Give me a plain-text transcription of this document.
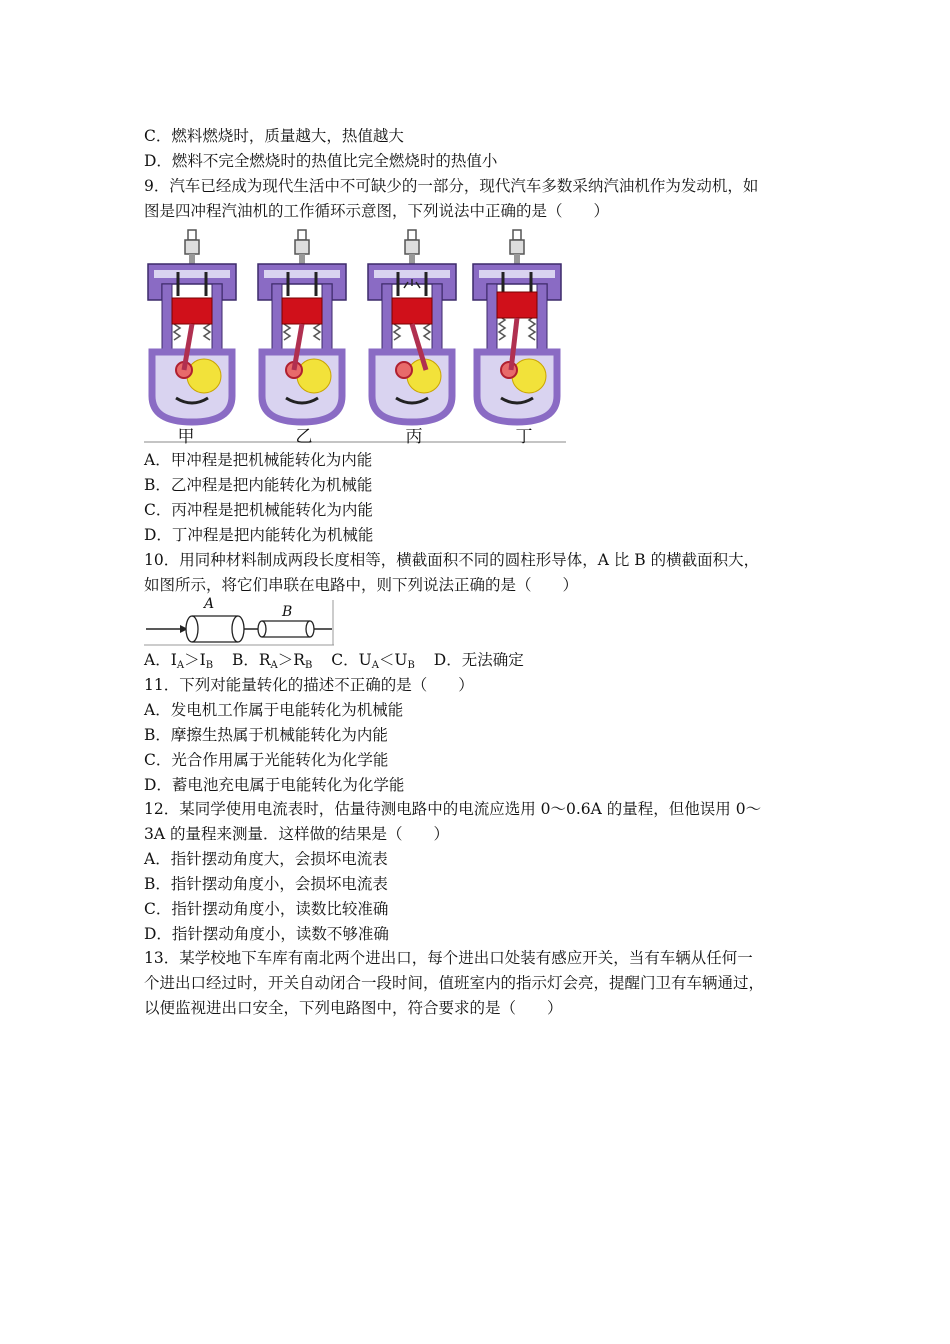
C．燃料燃烧时，质量越大，热值越大
D．燃料不完全燃烧时的热值比完全燃烧时的热值小
9．汽车已经成为现代生活中不可缺少的一部分，现代汽车多数采纳汽油机作为发动机，如
图是四冲程汽油机的工作循环示意图，下列说法中正确的是（　　）
甲	乙	丙	丁
A．甲冲程是把机械能转化为内能
B．乙冲程是把内能转化为机械能
C．丙冲程是把机械能转化为内能
D．丁冲程是把内能转化为机械能
10．用同种材料制成两段长度相等，横截面积不同的圆柱形导体，A 比 B 的横截面积大，
如图所示，将它们串联在电路中，则下列说法正确的是（　　）
A	B
A．$I_A>I_B$ B．$R_A>R_B$ C．$U_A<U_B$ D．无法确定
11．下列对能量转化的描述不正确的是（　　）
A．发电机工作属于电能转化为机械能
B．摩擦生热属于机械能转化为内能
C．光合作用属于光能转化为化学能
D．蓄电池充电属于电能转化为化学能
12．某同学使用电流表时，估量待测电路中的电流应选用 0～0.6A 的量程，但他误用 0～
3A 的量程来测量．这样做的结果是（　　）
A．指针摆动角度大，会损坏电流表
B．指针摆动角度小，会损坏电流表
C．指针摆动角度小，读数比较准确
D．指针摆动角度小，读数不够准确
13．某学校地下车库有南北两个进出口，每个进出口处装有感应开关，当有车辆从任何一
个进出口经过时，开关自动闭合一段时间，值班室内的指示灯会亮，提醒门卫有车辆通过，
以便监视进出口安全，下列电路图中，符合要求的是（　　）
